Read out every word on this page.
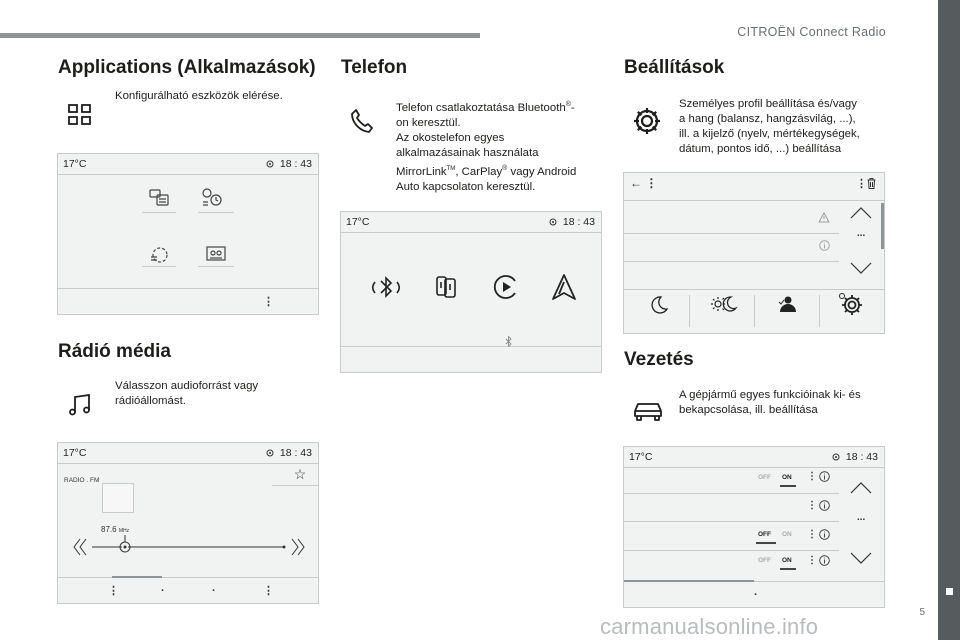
CITROËN Connect Radio
5
Applications (Alkalmazások)
Konfigurálható eszközök elérése.
17°C	18 : 43
⋮
Rádió média
Válasszon audioforrást vagy
rádióállomást.
17°C	18 : 43
☆
RADIO . FM
87.6 MHz
⋮	.	.	⋮
Telefon
Telefon csatlakoztatása Bluetooth®-
on keresztül.
Az okostelefon egyes
alkalmazásainak használata
MirrorLink™, CarPlay® vagy Android
Auto kapcsolaton keresztül.
17°C	18 : 43
Beállítások
Személyes profil beállítása és/vagy
a hang (balansz, hangzásvilág, ...),
ill. a kijelző (nyelv, mértékegységek,
dátum, pontos idő, ...) beállítása
← ⋮	⋮
...
Vezetés
A gépjármű egyes funkcióinak ki- és
bekapcsolása, ill. beállítása
17°C	18 : 43
OFF ON ⋮
⋮
OFF ON ⋮
OFF ON ⋮
...
.
carmanualsonline.info
